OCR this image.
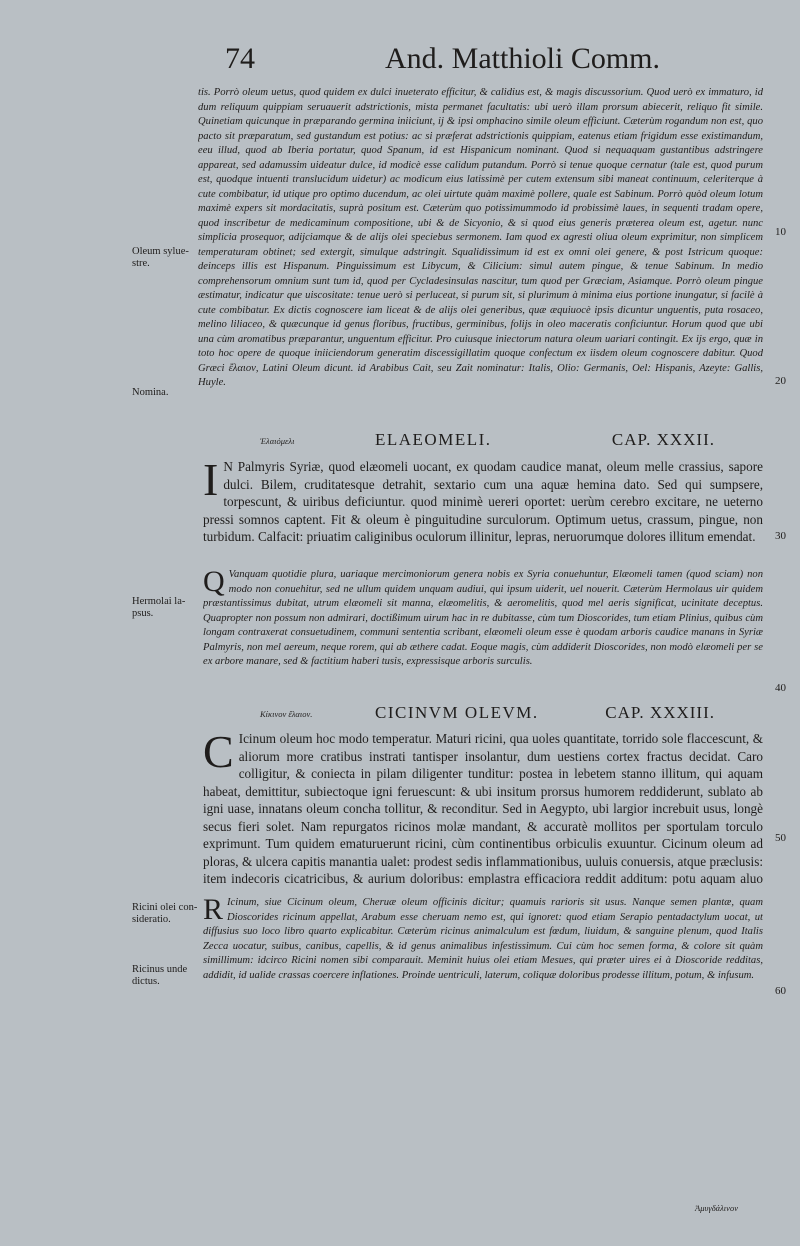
74	And. Matthioli Comm.

tis. Porrò oleum uetus, quod quidem ex dulci inueterato efficitur, & calidius est, & magis discussorium. Quod uerò ex immaturo, id dum reliquum quippiam seruauerit adstrictionis, mista permanet facultatis: ubi uerò illam prorsum abiecerit, reliquo fit simile. Quinetiam quicunque in præparando germina iniiciunt, ij & ipsi omphacino simile oleum efficiunt. Cæterùm rogandum non est, quo pacto sit præparatum, sed gustandum est potius: ac si præferat adstrictionis quippiam, eatenus etiam frigidum esse existimandum, eeu illud, quod ab Iberia portatur, quod Spanum, id est Hispanicum nominant. Quod si nequaquam gustantibus adstringere appareat, sed adamussim uideatur dulce, id modicè esse calidum putandum. Porrò si tenue quoque cernatur (tale est, quod purum est, quodque intuenti translucidum uidetur) ac modicum eius latissimè per cutem extensum sibi maneat continuum, celeriterque à cute combibatur, id utique pro optimo ducendum, ac olei uirtute quàm maximè pollere, quale est Sabinum. Porrò quòd oleum lotum maximè expers sit mordacitatis, suprà positum est. Cæterùm quo potissimummodo id probissimè laues, in sequenti tradam opere, quod inscribetur de medicaminum compositione, ubi & de Sicyonio, & si quod eius generis præterea oleum est, agetur. nunc simplicia prosequor, adijciamque & de alijs olei speciebus sermonem. Iam quod ex agresti oliua oleum exprimitur, non simplicem temperaturam obtinet; sed extergit, simulque adstringit. Squalidissimum id est ex omni olei genere, & post Istricum quoque: deinceps illis est Hispanum. Pinguissimum est Libycum, & Cilicium: simul autem pingue, & tenue Sabinum. In medio comprehensorum omnium sunt tum id, quod per Cycladesinsulas nascitur, tum quod per Græciam, Asiamque. Porrò oleum pingue æstimatur, indicatur que uiscositate: tenue uerò si perluceat, si purum sit, si plurimum à minima eius portione inungatur, si facilè à cute combibatur. Ex dictis cognoscere iam liceat & de alijs olei generibus, quæ æquiuocè ipsis dicuntur unguentis, puta rosaceo, melino liliaceo, & quæcunque id genus floribus, fructibus, germinibus, folijs in oleo maceratis conficiuntur. Horum quod que ubi una cùm aromatibus præparantur, unguentum efficitur. Pro cuiusque iniectorum natura oleum uariari contingit. Ex ijs ergo, quæ in toto hoc opere de quoque iniiciendorum generatim discessigillatim quoque confectum ex iisdem oleum cognoscere dabitur. Quod Græci ἔλαιον, Latini Oleum dicunt. id Arabibus Cait, seu Zait nominatur: Italis, Olio: Germanis, Oel: Hispanis, Azeyte: Gallis, Huyle.

Oleum sylue-stre.

Nomina.

Ἐλαιόμελι	ELAEOMELI.	CAP. XXXII.
I N Palmyris Syriæ, quod elæomeli uocant, ex quodam caudice manat, oleum melle crassius, sapore dulci. Bilem, cruditatesque detrahit, sextario cum una aquæ hemina dato. Sed qui sumpsere, torpescunt, & uiribus deficiuntur. quod minimè uereri oportet: uerùm cerebro excitare, ne ueterno pressi somnos captent. Fit & oleum è pinguitudine surculorum. Optimum uetus, crassum, pingue, non turbidum. Calfacit: priuatim caliginibus oculorum illinitur, lepras, neruorumque dolores illitum emendat.
Q Vanquam quotidie plura, uariaque mercimoniorum genera nobis ex Syria conuehuntur, Elæomeli tamen (quod sciam) non modo non conuehitur, sed ne ullum quidem unquam audiui, qui ipsum uiderit, uel nouerit. Cæterùm Hermolaus uir quidem præstantissimus dubitat, utrum elæomeli sit manna, elæomelitis, & aeromelitis, quod mel aeris significat, ucinitate deceptus. Quapropter non possum non admirari, doctißimum uirum hac in re dubitasse, cùm tum Dioscorides, tum etiam Plinius, quibus cùm longam contraxerat consuetudinem, communi sententia scribant, elæomeli oleum esse è quodam arboris caudice manans in Syriæ Palmyris, non mel aereum, neque rorem, qui ab æthere cadat. Eoque magis, cùm addiderit Dioscorides, non modò elæomeli per se ex arbore manare, sed & factitium haberi tusis, expressisque arboris surculis.

Hermolai la-psus.

Κίκινον ἔλαιον.	CICINVM OLEVM.	CAP. XXXIII.
C Icinum oleum hoc modo temperatur. Maturi ricini, qua uoles quantitate, torrido sole flaccescunt, & aliorum more cratibus instrati tantisper insolantur, dum uestiens cortex fractus decidat. Caro colligitur, & coniecta in pilam diligenter tunditur: postea in lebetem stanno illitum, qui aquam habeat, demittitur, subiectoque igni feruescunt: & ubi insitum prorsus humorem reddiderunt, sublato ab igni uase, innatans oleum concha tollitur, & reconditur. Sed in Aegypto, ubi largior increbuit usus, longè secus fieri solet. Nam repurgatos ricinos molæ mandant, & accuratè mollitos per sportulam torculo exprimunt. Tum quidem ematuruerunt ricini, cùm continentibus orbiculis exuuntur. Cicinum oleum ad ploras, & ulcera capitis manantia ualet: prodest sedis inflammationibus, uuluis conuersis, atque præclusis: item indecoris cicatricibus, & aurium doloribus: emplastra efficaciora reddit additum: potu aquam aluo
R Icinum, siue Cicinum oleum, Cheruæ oleum officinis dicitur; quamuis rarioris sit usus. Nanque semen plantæ, quam Dioscorides ricinum appellat, Arabum esse cheruam nemo est, qui ignoret: quod etiam Serapio pentadactylum uocat, ut diffusius suo loco libro quarto explicabitur. Cæterùm ricinus animalculum est fœdum, liuidum, & sanguine plenum, quod Italis Zecca uocatur, suibus, canibus, capellis, & id genus animalibus infestissimum. Cui cùm hoc semen forma, & colore sit quàm simillimum: idcirco Ricini nomen sibi comparauit. Meminit huius olei etiam Mesues, qui præter uires ei à Dioscoride redditas, addidit, id ualide crassas coercere inflationes. Proinde uentriculi, laterum, coliquæ doloribus prodesse illitum, potum, & infusum.

Ricini olei con-sideratio.

Ricinus unde dictus.

10
20
30
40
50
60
Ἀμυγδάλινον
